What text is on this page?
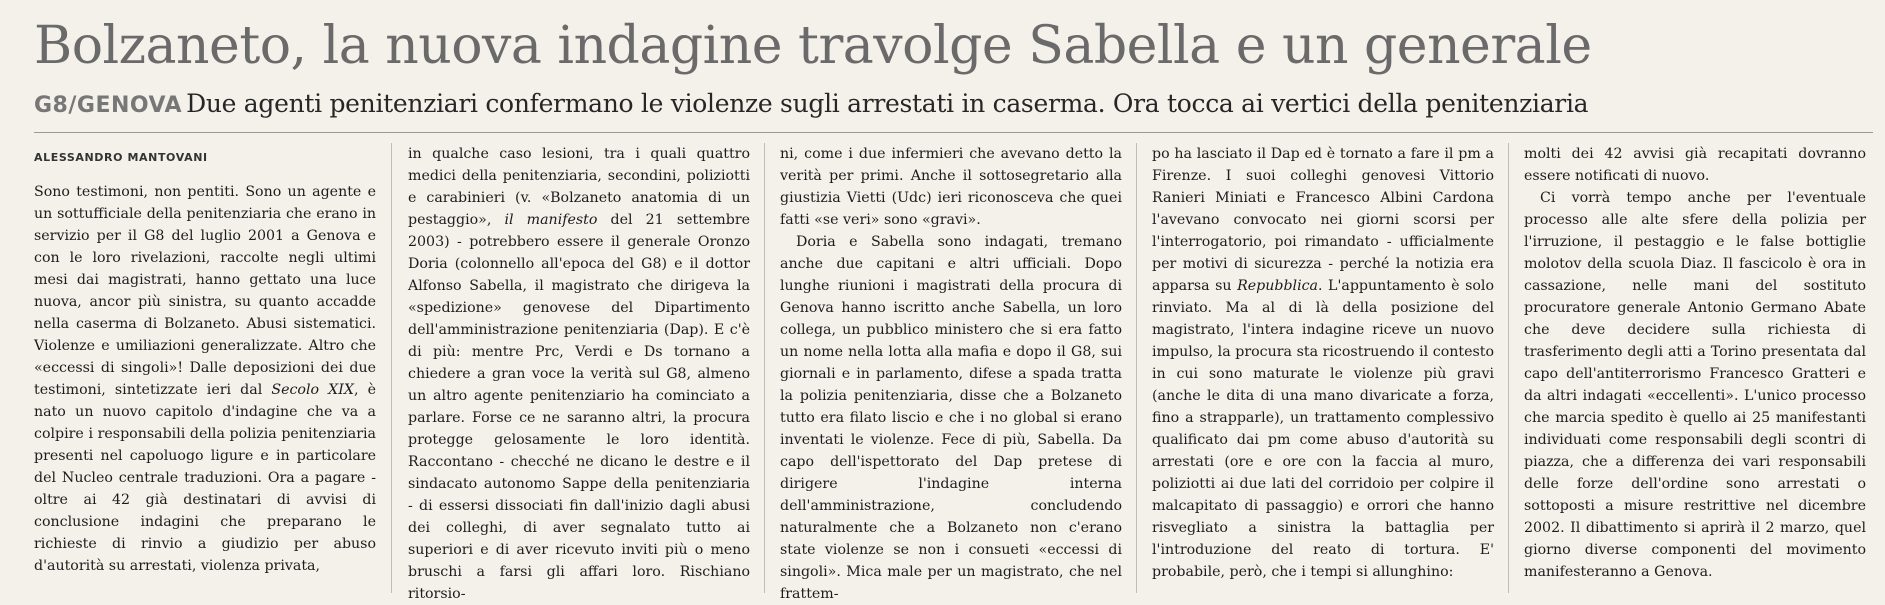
Bolzaneto, la nuova indagine travolge Sabella e un generale
G8/GENOVA Due agenti penitenziari confermano le violenze sugli arrestati in caserma. Ora tocca ai vertici della penitenziaria
ALESSANDRO MANTOVANI

Sono testimoni, non pentiti. Sono un agente e un sottufficiale della penitenziaria che erano in servizio per il G8 del luglio 2001 a Genova e con le loro rivelazioni, raccolte negli ultimi mesi dai magistrati, hanno gettato una luce nuova, ancor più sinistra, su quanto accadde nella caserma di Bolzaneto. Abusi sistematici. Violenze e umiliazioni generalizzate. Altro che «eccessi di singoli»! Dalle deposizioni dei due testimoni, sintetizzate ieri dal Secolo XIX, è nato un nuovo capitolo d'indagine che va a colpire i responsabili della polizia penitenziaria presenti nel capoluogo ligure e in particolare del Nucleo centrale traduzioni. Ora a pagare - oltre ai 42 già destinatari di avvisi di conclusione indagini che preparano le richieste di rinvio a giudizio per abuso d'autorità su arrestati, violenza privata,

in qualche caso lesioni, tra i quali quattro medici della penitenziaria, secondini, poliziotti e carabinieri (v. «Bolzaneto anatomia di un pestaggio», il manifesto del 21 settembre 2003) - potrebbero essere il generale Oronzo Doria (colonnello all'epoca del G8) e il dottor Alfonso Sabella, il magistrato che dirigeva la «spedizione» genovese del Dipartimento dell'amministrazione penitenziaria (Dap). E c'è di più: mentre Prc, Verdi e Ds tornano a chiedere a gran voce la verità sul G8, almeno un altro agente penitenziario ha cominciato a parlare. Forse ce ne saranno altri, la procura protegge gelosamente le loro identità. Raccontano - checché ne dicano le destre e il sindacato autonomo Sappe della penitenziaria - di essersi dissociati fin dall'inizio dagli abusi dei colleghi, di aver segnalato tutto ai superiori e di aver ricevuto inviti più o meno bruschi a farsi gli affari loro. Rischiano ritorsio-

ni, come i due infermieri che avevano detto la verità per primi. Anche il sottosegretario alla giustizia Vietti (Udc) ieri riconosceva che quei fatti «se veri» sono «gravi».

Doria e Sabella sono indagati, tremano anche due capitani e altri ufficiali. Dopo lunghe riunioni i magistrati della procura di Genova hanno iscritto anche Sabella, un loro collega, un pubblico ministero che si era fatto un nome nella lotta alla mafia e dopo il G8, sui giornali e in parlamento, difese a spada tratta la polizia penitenziaria, disse che a Bolzaneto tutto era filato liscio e che i no global si erano inventati le violenze. Fece di più, Sabella. Da capo dell'ispettorato del Dap pretese di dirigere l'indagine interna dell'amministrazione, concludendo naturalmente che a Bolzaneto non c'erano state violenze se non i consueti «eccessi di singoli». Mica male per un magistrato, che nel frattem-

po ha lasciato il Dap ed è tornato a fare il pm a Firenze. I suoi colleghi genovesi Vittorio Ranieri Miniati e Francesco Albini Cardona l'avevano convocato nei giorni scorsi per l'interrogatorio, poi rimandato - ufficialmente per motivi di sicurezza - perché la notizia era apparsa su Repubblica. L'appuntamento è solo rinviato. Ma al di là della posizione del magistrato, l'intera indagine riceve un nuovo impulso, la procura sta ricostruendo il contesto in cui sono maturate le violenze più gravi (anche le dita di una mano divaricate a forza, fino a strapparle), un trattamento complessivo qualificato dai pm come abuso d'autorità su arrestati (ore e ore con la faccia al muro, poliziotti ai due lati del corridoio per colpire il malcapitato di passaggio) e orrori che hanno risvegliato a sinistra la battaglia per l'introduzione del reato di tortura. E' probabile, però, che i tempi si allunghino:

molti dei 42 avvisi già recapitati dovranno essere notificati di nuovo.

Ci vorrà tempo anche per l'eventuale processo alle alte sfere della polizia per l'irruzione, il pestaggio e le false bottiglie molotov della scuola Diaz. Il fascicolo è ora in cassazione, nelle mani del sostituto procuratore generale Antonio Germano Abate che deve decidere sulla richiesta di trasferimento degli atti a Torino presentata dal capo dell'antiterrorismo Francesco Gratteri e da altri indagati «eccellenti». L'unico processo che marcia spedito è quello ai 25 manifestanti individuati come responsabili degli scontri di piazza, che a differenza dei vari responsabili delle forze dell'ordine sono arrestati o sottoposti a misure restrittive nel dicembre 2002. Il dibattimento si aprirà il 2 marzo, quel giorno diverse componenti del movimento manifesteranno a Genova.
